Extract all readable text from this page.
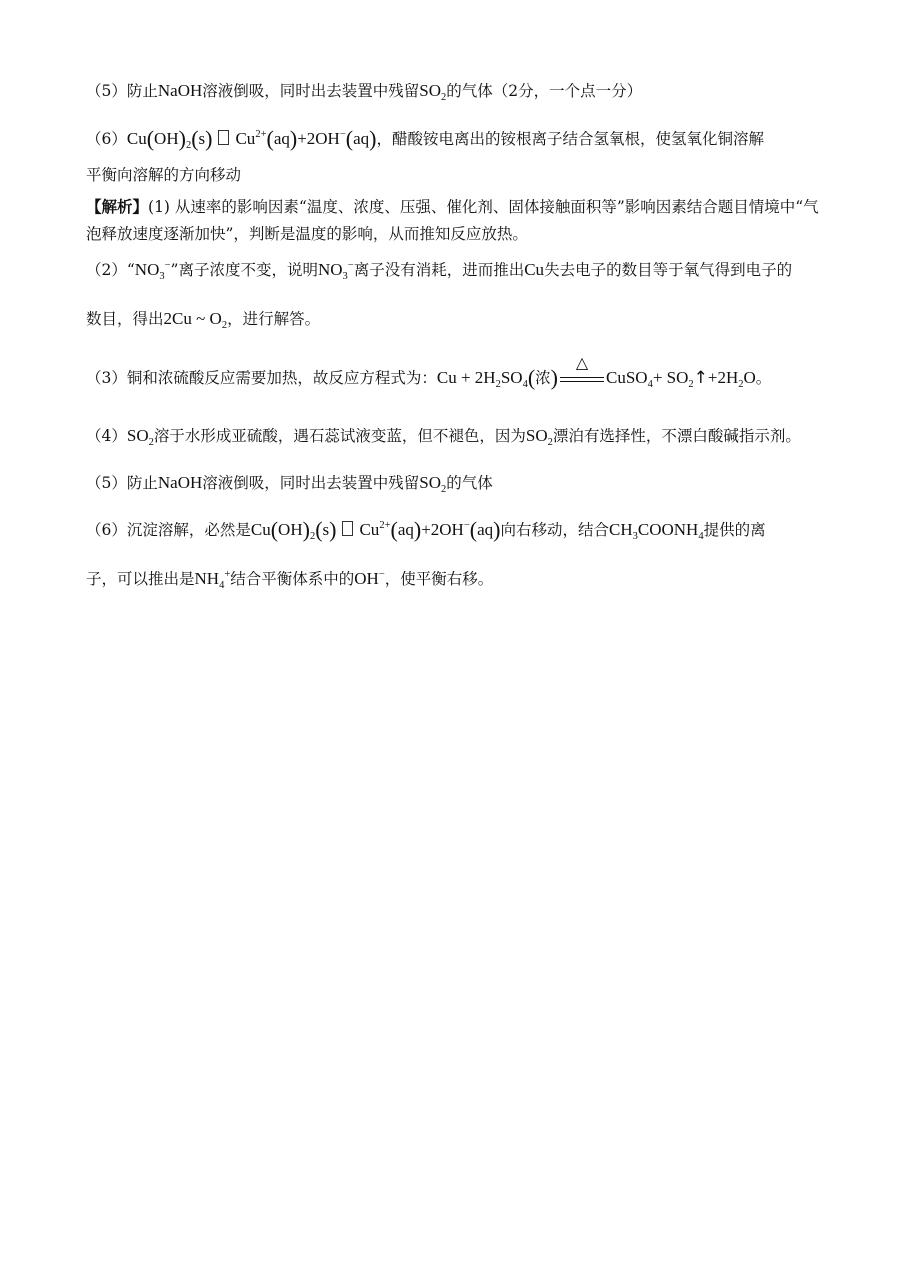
（5）防止NaOH溶液倒吸，同时出去装置中残留$SO_2$的气体（2分，一个点一分）
$(6)Cu(OH)_2(s)$ $Cu^{2+}(aq)+2OH^-(aq)$，醋酸铵电离出的铵根离子结合氢氧根，使氢氧化铜溶解
平衡向溶解的方向移动
【解析】(1) 从速率的影响因素“温度、浓度、压强、催化剂、固体接触面积等”影响因素结合题目情境中“气
泡释放速度逐渐加快”，判断是温度的影响，从而推知反应放热。
$(2)“NO_3^-$”离子浓度不变，说明$NO_3^-$离子没有消耗，进而推出Cu失去电子的数目等于氧气得到电子的
数目，得出2Cu ~ $O_2$，进行解答。
（3）铜和浓硫酸反应需要加热，故反应方程式为：$Cu + 2H_2SO_4$(浓)
△
CuSO$_4$+ $SO_2↑+2H_2O$。
$(4)SO_2$溶于水形成亚硫酸，遇石蕊试液变蓝，但不褪色，因为$SO_2$漂泊有选择性，不漂白酸碱指示剂。
（5）防止NaOH溶液倒吸，同时出去装置中残留$SO_2$的气体
（6）沉淀溶解，必然是$Cu(OH)_2(s)$ $Cu^{2+}(aq)+2OH^-(aq)$向右移动，结合$CH_3COONH_4$提供的离
子，可以推出是$NH_4^+$结合平衡体系中的OH−，使平衡右移。
